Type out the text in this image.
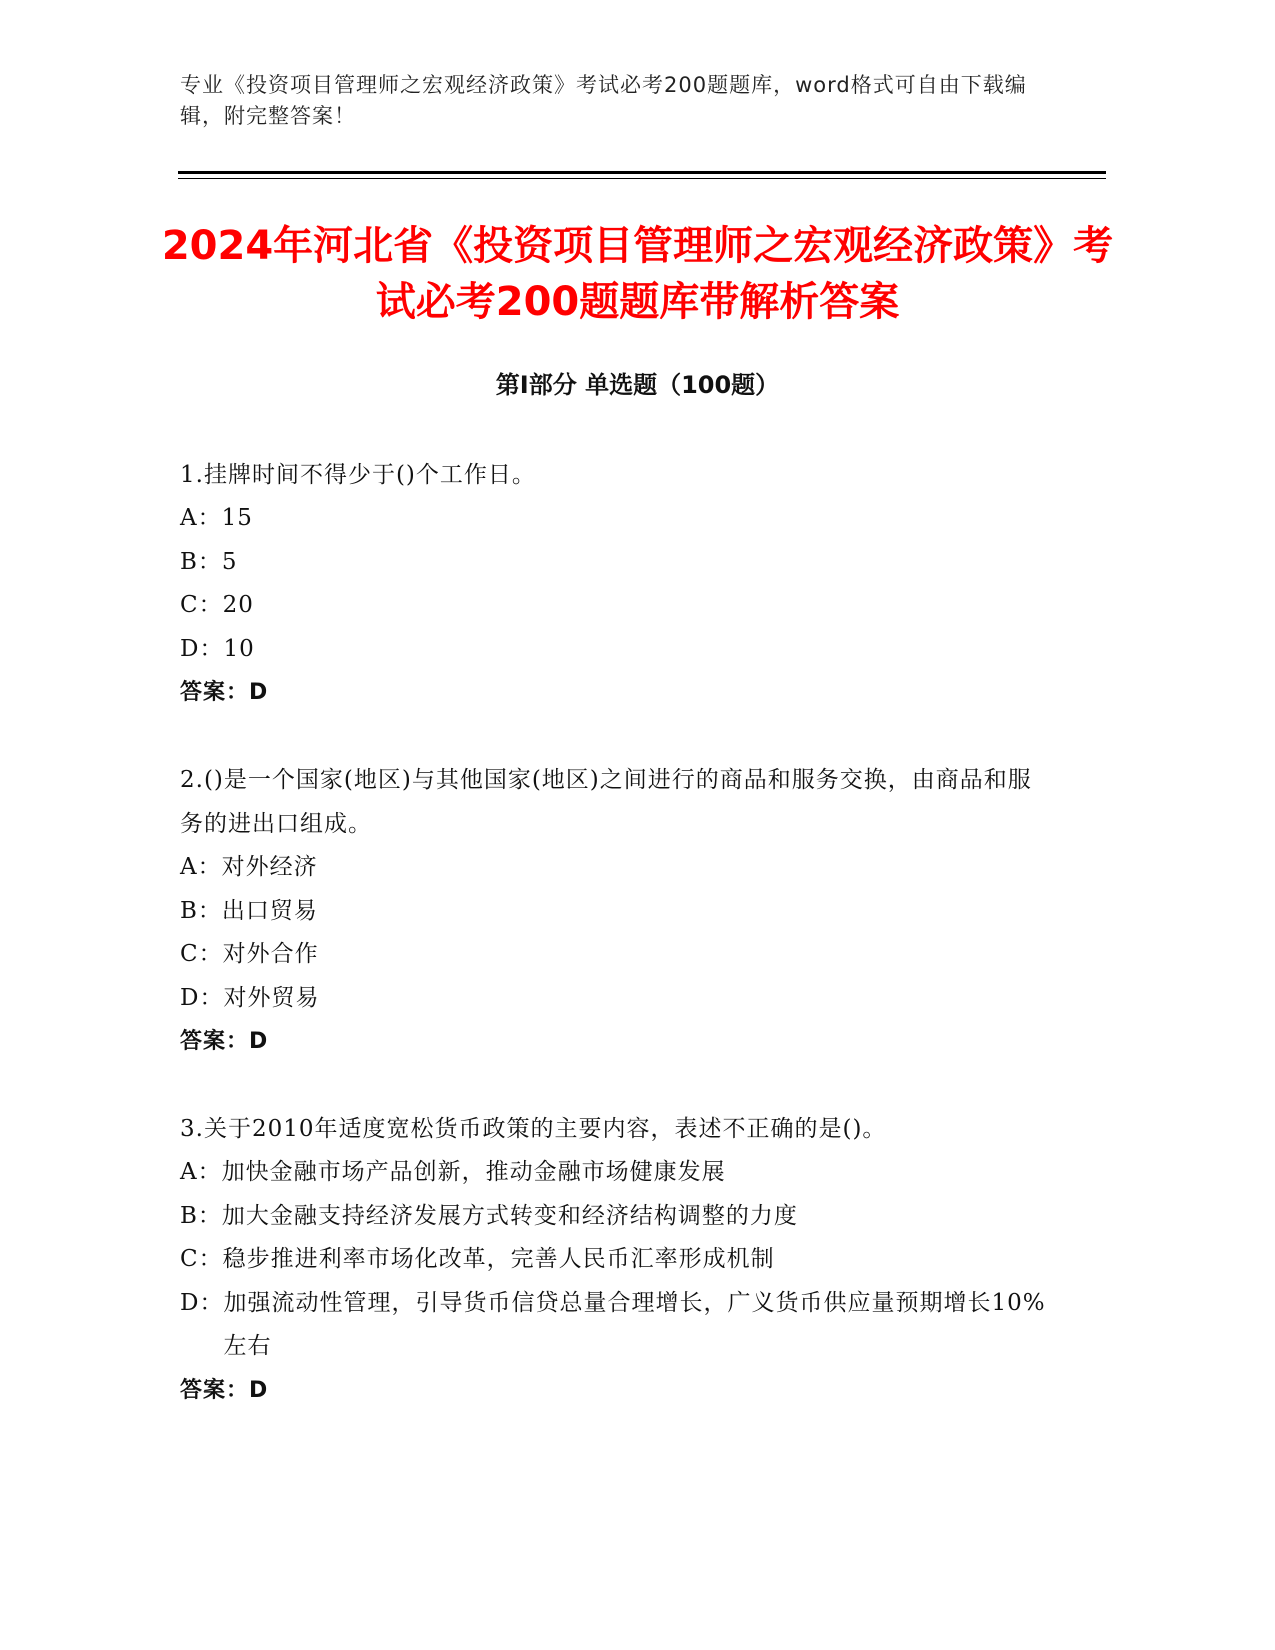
专业《投资项目管理师之宏观经济政策》考试必考200题题库，word格式可自由下载编辑，附完整答案！
2024年河北省《投资项目管理师之宏观经济政策》考试必考200题题库带解析答案
第I部分 单选题（100题）

1.挂牌时间不得少于()个工作日。

A： 15
B： 5
C： 20
D： 10

答案：D

2.()是一个国家(地区)与其他国家(地区)之间进行的商品和服务交换，由商品和服务的进出口组成。

A： 对外经济
B： 出口贸易
C： 对外合作
D： 对外贸易

答案：D

3.关于2010年适度宽松货币政策的主要内容，表述不正确的是()。

A： 加快金融市场产品创新，推动金融市场健康发展
B： 加大金融支持经济发展方式转变和经济结构调整的力度
C： 稳步推进利率市场化改革，完善人民币汇率形成机制
D： 加强流动性管理，引导货币信贷总量合理增长，广义货币供应量预期增长10%左右

答案：D
